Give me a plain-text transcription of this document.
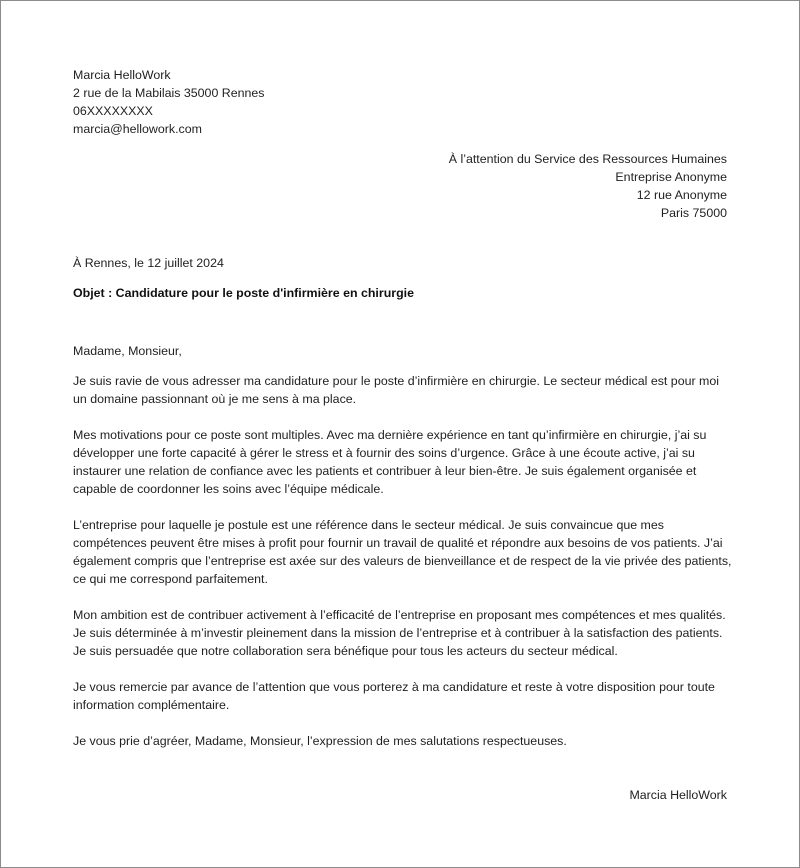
Marcia HelloWork

2 rue de la Mabilais 35000 Rennes

06XXXXXXXX

marcia@hellowork.com

À l’attention du Service des Ressources Humaines

Entreprise Anonyme

12 rue Anonyme

Paris 75000

À Rennes, le 12 juillet 2024

Objet : Candidature pour le poste d'infirmière en chirurgie

Madame, Monsieur,

Je suis ravie de vous adresser ma candidature pour le poste d’infirmière en chirurgie. Le secteur médical est pour moi un domaine passionnant où je me sens à ma place.

Mes motivations pour ce poste sont multiples. Avec ma dernière expérience en tant qu’infirmière en chirurgie, j’ai su développer une forte capacité à gérer le stress et à fournir des soins d’urgence. Grâce à une écoute active, j’ai su instaurer une relation de confiance avec les patients et contribuer à leur bien-être. Je suis également organisée et capable de coordonner les soins avec l’équipe médicale.

L’entreprise pour laquelle je postule est une référence dans le secteur médical. Je suis convaincue que mes compétences peuvent être mises à profit pour fournir un travail de qualité et répondre aux besoins de vos patients. J’ai également compris que l’entreprise est axée sur des valeurs de bienveillance et de respect de la vie privée des patients, ce qui me correspond parfaitement.

Mon ambition est de contribuer activement à l’efficacité de l’entreprise en proposant mes compétences et mes qualités. Je suis déterminée à m’investir pleinement dans la mission de l’entreprise et à contribuer à la satisfaction des patients. Je suis persuadée que notre collaboration sera bénéfique pour tous les acteurs du secteur médical.

Je vous remercie par avance de l’attention que vous porterez à ma candidature et reste à votre disposition pour toute information complémentaire.

Je vous prie d’agréer, Madame, Monsieur, l’expression de mes salutations respectueuses.

Marcia HelloWork
